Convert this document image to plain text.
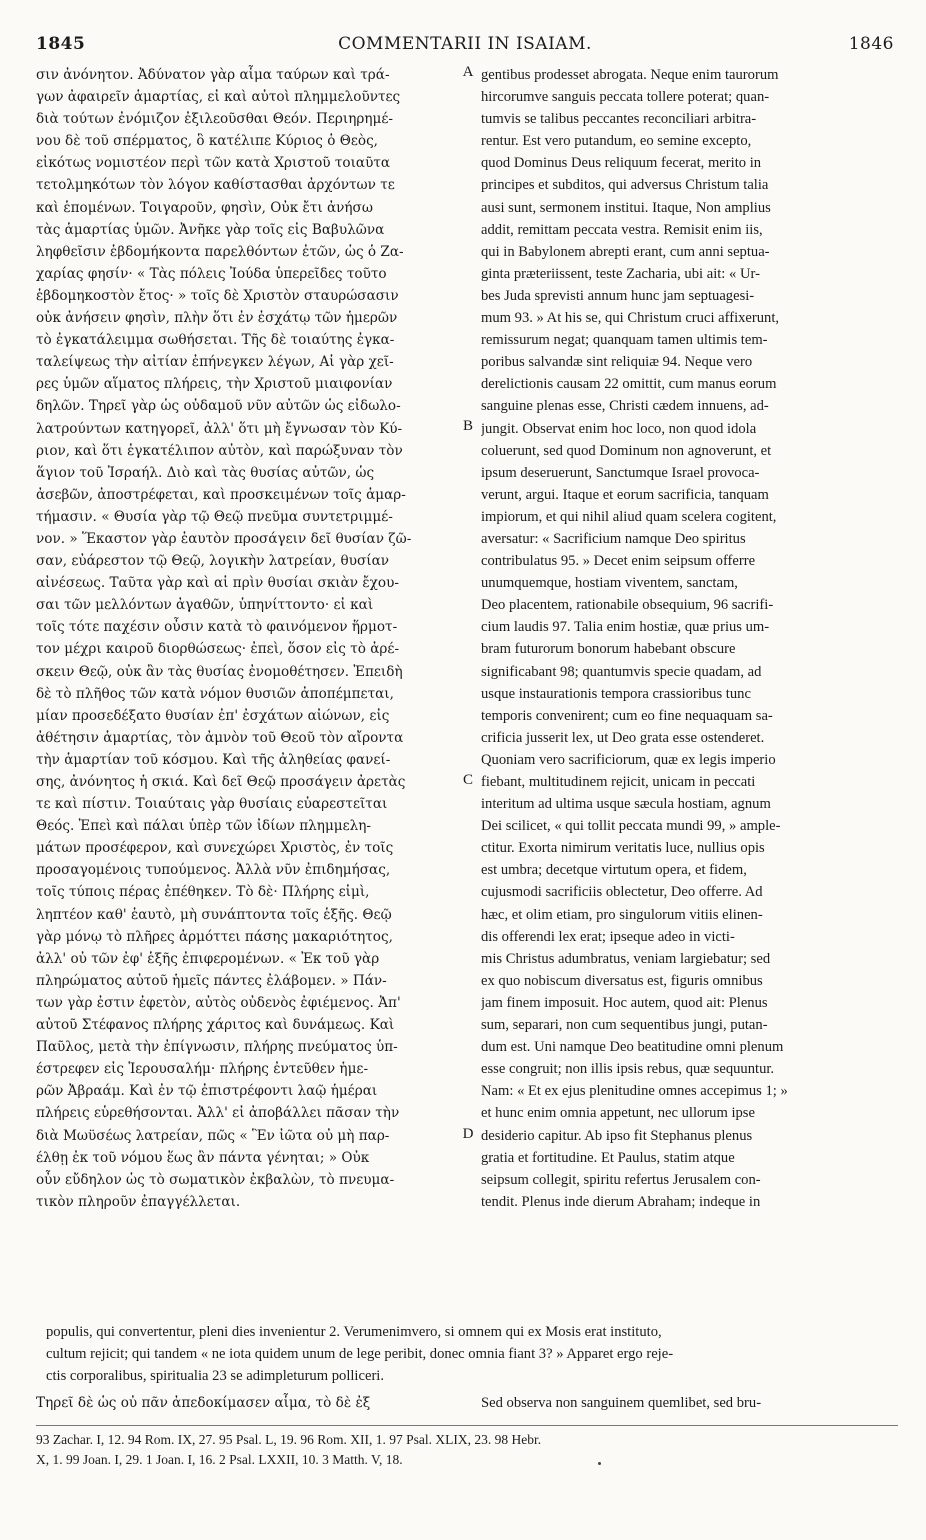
1845	COMMENTARII IN ISAIAM.	1846
σιν ἀνόνητον. Ἀδύνατον γὰρ αἷμα ταύρων καὶ τρά-
γων ἀφαιρεῖν ἁμαρτίας, εἰ καὶ αὐτοὶ πλημμελοῦντες
διὰ τούτων ἐνόμιζον ἐξιλεοῦσθαι Θεόν. Περιηρημέ-
νου δὲ τοῦ σπέρματος, ὃ κατέλιπε Κύριος ὁ Θεὸς,
εἰκότως νομιστέον περὶ τῶν κατὰ Χριστοῦ τοιαῦτα
τετολμηκότων τὸν λόγον καθίστασθαι ἀρχόντων τε
καὶ ἑπομένων. Τοιγαροῦν, φησὶν, Οὐκ ἔτι ἀνήσω
τὰς ἁμαρτίας ὑμῶν. Ἀνῆκε γὰρ τοῖς εἰς Βαβυλῶνα
ληφθεῖσιν ἑβδομήκοντα παρελθόντων ἐτῶν, ὡς ὁ Ζα-
χαρίας φησίν· « Τὰς πόλεις Ἰούδα ὑπερεῖδες τοῦτο
ἑβδομηκοστὸν ἔτος· » τοῖς δὲ Χριστὸν σταυρώσασιν
οὐκ ἀνήσειν φησὶν, πλὴν ὅτι ἐν ἐσχάτῳ τῶν ἡμερῶν
τὸ ἐγκατάλειμμα σωθήσεται. Τῆς δὲ τοιαύτης ἐγκα-
ταλείψεως τὴν αἰτίαν ἐπήνεγκεν λέγων, Αἱ γὰρ χεῖ-
ρες ὑμῶν αἵματος πλήρεις, τὴν Χριστοῦ μιαιφονίαν
δηλῶν. Τηρεῖ γὰρ ὡς οὐδαμοῦ νῦν αὐτῶν ὡς εἰδωλο-
λατρούντων κατηγορεῖ, ἀλλ' ὅτι μὴ ἔγνωσαν τὸν Κύ-
ριον, καὶ ὅτι ἐγκατέλιπον αὐτὸν, καὶ παρώξυναν τὸν
ἅγιον τοῦ Ἰσραήλ. Διὸ καὶ τὰς θυσίας αὐτῶν, ὡς
ἀσεβῶν, ἀποστρέφεται, καὶ προσκειμένων τοῖς ἁμαρ-
τήμασιν. « Θυσία γὰρ τῷ Θεῷ πνεῦμα συντετριμμέ-
νον. » Ἕκαστον γὰρ ἑαυτὸν προσάγειν δεῖ θυσίαν ζῶ-
σαν, εὐάρεστον τῷ Θεῷ, λογικὴν λατρείαν, θυσίαν
αἰνέσεως. Ταῦτα γὰρ καὶ αἱ πρὶν θυσίαι σκιὰν ἔχου-
σαι τῶν μελλόντων ἀγαθῶν, ὑπηνίττοντο· εἰ καὶ
τοῖς τότε παχέσιν οὖσιν κατὰ τὸ φαινόμενον ἥρμοτ-
τον μέχρι καιροῦ διορθώσεως· ἐπεὶ, ὅσον εἰς τὸ ἀρέ-
σκειν Θεῷ, οὐκ ἂν τὰς θυσίας ἐνομοθέτησεν. Ἐπειδὴ
δὲ τὸ πλῆθος τῶν κατὰ νόμον θυσιῶν ἀποπέμπεται,
μίαν προσεδέξατο θυσίαν ἐπ' ἐσχάτων αἰώνων, εἰς
ἀθέτησιν ἁμαρτίας, τὸν ἀμνὸν τοῦ Θεοῦ τὸν αἴροντα
τὴν ἁμαρτίαν τοῦ κόσμου. Καὶ τῆς ἀληθείας φανεί-
σης, ἀνόνητος ἡ σκιά. Καὶ δεῖ Θεῷ προσάγειν ἀρετὰς
τε καὶ πίστιν. Τοιαύταις γὰρ θυσίαις εὐαρεστεῖται
Θεός. Ἐπεὶ καὶ πάλαι ὑπὲρ τῶν ἰδίων πλημμελη-
μάτων προσέφερον, καὶ συνεχώρει Χριστὸς, ἐν τοῖς
προσαγομένοις τυπούμενος. Ἀλλὰ νῦν ἐπιδημήσας,
τοῖς τύποις πέρας ἐπέθηκεν. Τὸ δὲ· Πλήρης εἰμὶ,
ληπτέον καθ' ἑαυτὸ, μὴ συνάπτοντα τοῖς ἑξῆς. Θεῷ
γὰρ μόνῳ τὸ πλῆρες ἁρμόττει πάσης μακαριότητος,
ἀλλ' οὐ τῶν ἐφ' ἑξῆς ἐπιφερομένων. « Ἐκ τοῦ γὰρ
πληρώματος αὐτοῦ ἡμεῖς πάντες ἐλάβομεν. » Πάν-
των γὰρ ἐστιν ἐφετὸν, αὐτὸς οὐδενὸς ἐφιέμενος. Ἀπ'
αὐτοῦ Στέφανος πλήρης χάριτος καὶ δυνάμεως. Καὶ
Παῦλος, μετὰ τὴν ἐπίγνωσιν, πλήρης πνεύματος ὑπ-
έστρεφεν εἰς Ἱερουσαλήμ· πλήρης ἐντεῦθεν ἡμε-
ρῶν Ἀβραάμ. Καὶ ἐν τῷ ἐπιστρέφοντι λαῷ ἡμέραι
πλήρεις εὑρεθήσονται. Ἀλλ' εἰ ἀποβάλλει πᾶσαν τὴν
διὰ Μωϋσέως λατρείαν, πῶς « Ἓν ἰῶτα οὐ μὴ παρ-
έλθῃ ἐκ τοῦ νόμου ἕως ἂν πάντα γένηται; » Οὐκ
οὖν εὔδηλον ὡς τὸ σωματικὸν ἐκβαλὼν, τὸ πνευμα-
τικὸν πληροῦν ἐπαγγέλλεται.
gentibus prodesset abrogata. Neque enim taurorum
hircorumve sanguis peccata tollere poterat; quan-
tumvis se talibus peccantes reconciliari arbitra-
rentur. Est vero putandum, eo semine excepto,
quod Dominus Deus reliquum fecerat, merito in
principes et subditos, qui adversus Christum talia
ausi sunt, sermonem institui. Itaque, Non amplius
addit, remittam peccata vestra. Remisit enim iis,
qui in Babylonem abrepti erant, cum anni septua-
ginta præteriissent, teste Zacharia, ubi ait: « Ur-
bes Juda sprevisti annum hunc jam septuagesi-
mum 93. » At his se, qui Christum cruci affixerunt,
remissurum negat; quanquam tamen ultimis tem-
poribus salvandæ sint reliquiæ 94. Neque vero
derelictionis causam 22 omittit, cum manus eorum
sanguine plenas esse, Christi cædem innuens, ad-
jungit. Observat enim hoc loco, non quod idola
coluerunt, sed quod Dominum non agnoverunt, et
ipsum deseruerunt, Sanctumque Israel provoca-
verunt, argui. Itaque et eorum sacrificia, tanquam
impiorum, et qui nihil aliud quam scelera cogitent,
aversatur: « Sacrificium namque Deo spiritus
contribulatus 95. » Decet enim seipsum offerre
unumquemque, hostiam viventem, sanctam,
Deo placentem, rationabile obsequium, 96 sacrifi-
cium laudis 97. Talia enim hostiæ, quæ prius um-
bram futurorum bonorum habebant obscure
significabant 98; quantumvis specie quadam, ad
usque instaurationis tempora crassioribus tunc
temporis convenirent; cum eo fine nequaquam sa-
crificia jusserit lex, ut Deo grata esse ostenderet.
Quoniam vero sacrificiorum, quæ ex legis imperio
fiebant, multitudinem rejicit, unicam in peccati
interitum ad ultima usque sæcula hostiam, agnum
Dei scilicet, « qui tollit peccata mundi 99, » ample-
ctitur. Exorta nimirum veritatis luce, nullius opis
est umbra; decetque virtutum opera, et fidem,
cujusmodi sacrificiis oblectetur, Deo offerre. Ad
hæc, et olim etiam, pro singulorum vitiis elinen-
dis offerendi lex erat; ipseque adeo in victi-
mis Christus adumbratus, veniam largiebatur; sed
ex quo nobiscum diversatus est, figuris omnibus
jam finem imposuit. Hoc autem, quod ait: Plenus
sum, separari, non cum sequentibus jungi, putan-
dum est. Uni namque Deo beatitudine omni plenum
esse congruit; non illis ipsis rebus, quæ sequuntur.
Nam: « Et ex ejus plenitudine omnes accepimus 1; »
et hunc enim omnia appetunt, nec ullorum ipse
desiderio capitur. Ab ipso fit Stephanus plenus
gratia et fortitudine. Et Paulus, statim atque
seipsum collegit, spiritu refertus Jerusalem con-
tendit. Plenus inde dierum Abraham; indeque in
A
B
C
D
populis, qui convertentur, pleni dies invenientur 2. Verumenimvero, si omnem qui ex Mosis erat instituto,
cultum rejicit; qui tandem « ne iota quidem unum de lege peribit, donec omnia fiant 3? » Apparet ergo reje-
ctis corporalibus, spiritualia 23 se adimpleturum polliceri.
Τηρεῖ δὲ ὡς οὐ πᾶν ἀπεδοκίμασεν αἷμα, τὸ δὲ ἐξ	Sed observa non sanguinem quemlibet, sed bru-
93 Zachar. I, 12. 94 Rom. IX, 27. 95 Psal. L, 19. 96 Rom. XII, 1. 97 Psal. XLIX, 23. 98 Hebr.
X, 1. 99 Joan. I, 29. 1 Joan. I, 16. 2 Psal. LXXII, 10. 3 Matth. V, 18.
